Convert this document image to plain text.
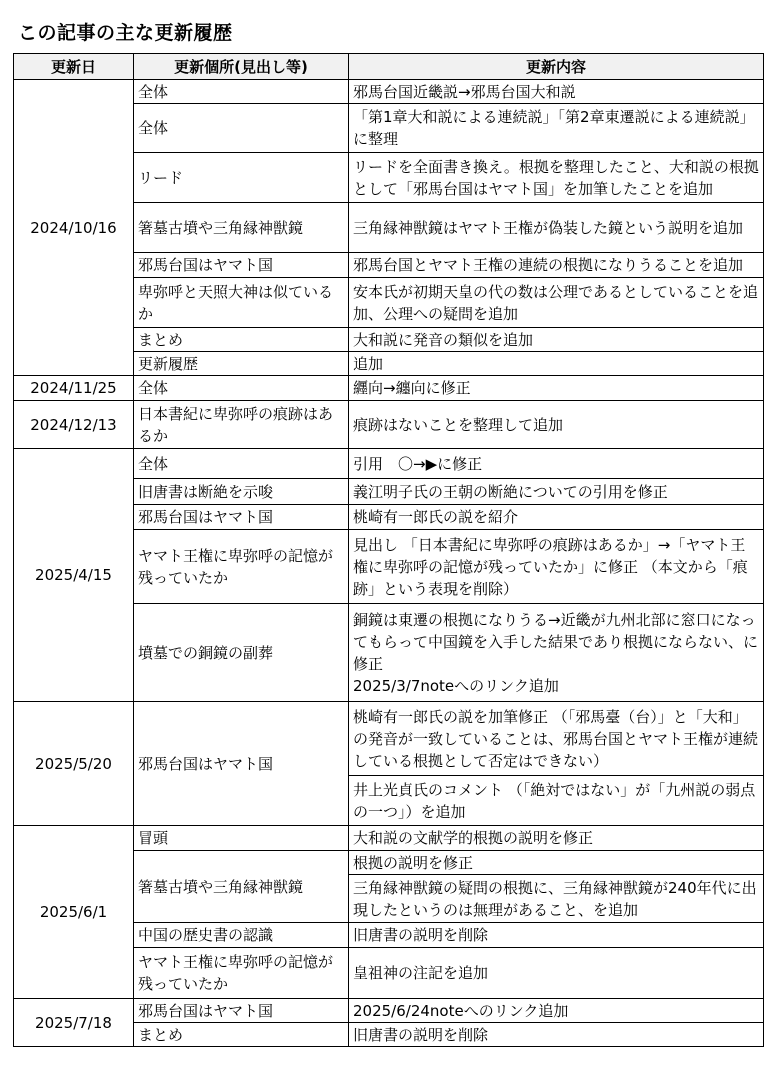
この記事の主な更新履歴
更新日	更新個所(見出し等)	更新内容
2024/10/16	全体	邪馬台国近畿説→邪馬台国大和説
	全体	「第1章大和説による連続説」「第2章東遷説による連続説」に整理
	リード	リードを全面書き換え。根拠を整理したこと、大和説の根拠として「邪馬台国はヤマト国」を加筆したことを追加
	箸墓古墳や三角縁神獣鏡	三角縁神獣鏡はヤマト王権が偽装した鏡という説明を追加
	邪馬台国はヤマト国	邪馬台国とヤマト王権の連続の根拠になりうることを追加
	卑弥呼と天照大神は似ているか	安本氏が初期天皇の代の数は公理であるとしていることを追加、公理への疑問を追加
	まとめ	大和説に発音の類似を追加
	更新履歴	追加
2024/11/25	全体	纒向→纏向に修正
2024/12/13	日本書紀に卑弥呼の痕跡はあるか	痕跡はないことを整理して追加
2025/4/15	全体	引用　〇→▶に修正
	旧唐書は断絶を示唆	義江明子氏の王朝の断絶についての引用を修正
	邪馬台国はヤマト国	桃崎有一郎氏の説を紹介
	ヤマト王権に卑弥呼の記憶が残っていたか	見出し 「日本書紀に卑弥呼の痕跡はあるか」→「ヤマト王権に卑弥呼の記憶が残っていたか」に修正 （本文から「痕跡」という表現を削除）
	墳墓での銅鏡の副葬	銅鏡は東遷の根拠になりうる→近畿が九州北部に窓口になってもらって中国鏡を入手した結果であり根拠にならない、に修正
2025/3/7noteへのリンク追加
2025/5/20	邪馬台国はヤマト国	桃崎有一郎氏の説を加筆修正 （「邪馬臺（台）」と「大和」の発音が一致していることは、邪馬台国とヤマト王権が連続している根拠として否定はできない）
		井上光貞氏のコメント （「絶対ではない」が「九州説の弱点の一つ」）を追加
2025/6/1	冒頭	大和説の文献学的根拠の説明を修正
	箸墓古墳や三角縁神獣鏡	根拠の説明を修正
		三角縁神獣鏡の疑問の根拠に、三角縁神獣鏡が240年代に出現したというのは無理があること、を追加
	中国の歴史書の認識	旧唐書の説明を削除
	ヤマト王権に卑弥呼の記憶が残っていたか	皇祖神の注記を追加
2025/7/18	邪馬台国はヤマト国	2025/6/24noteへのリンク追加
	まとめ	旧唐書の説明を削除
